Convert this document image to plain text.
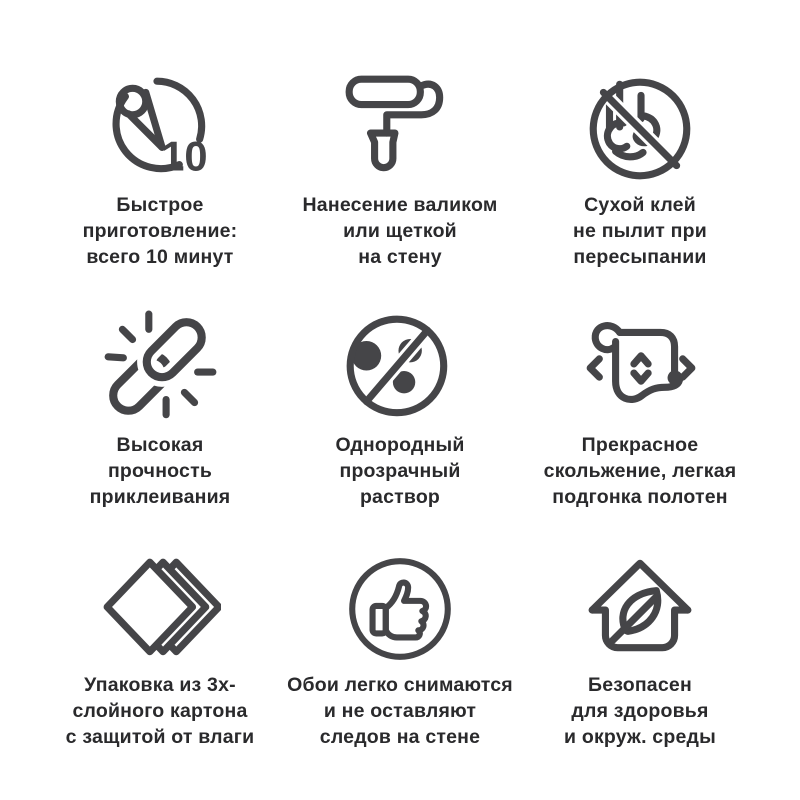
10
Быстрое
приготовление:
всего 10 минут
Нанесение валиком
или щеткой
на стену
Сухой клей
не пылит при
пересыпании
Высокая
прочность
приклеивания
Однородный
прозрачный
раствор
Прекрасное
скольжение, легкая
подгонка полотен
Упаковка из 3х-
слойного картона
с защитой от влаги
Обои легко снимаются
и не оставляют
следов на стене
Безопасен
для здоровья
и окруж. среды
